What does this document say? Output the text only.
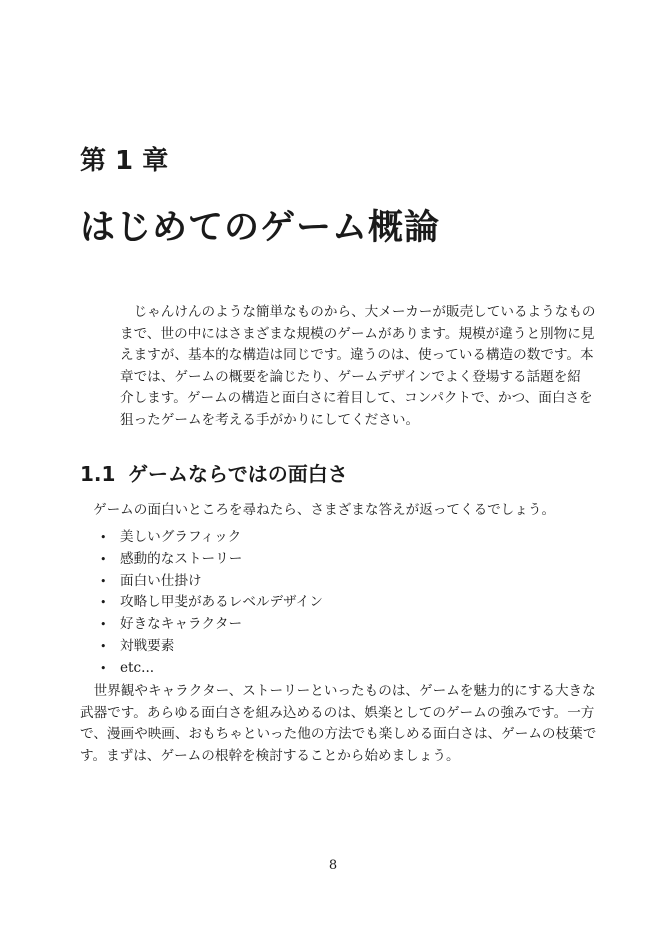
第 1 章
はじめてのゲーム概論
　じゃんけんのような簡単なものから、大メーカーが販売しているようなもの
まで、世の中にはさまざまな規模のゲームがあります。規模が違うと別物に見
えますが、基本的な構造は同じです。違うのは、使っている構造の数です。本
章では、ゲームの概要を論じたり、ゲームデザインでよく登場する話題を紹
介します。ゲームの構造と面白さに着目して、コンパクトで、かつ、面白さを
狙ったゲームを考える手がかりにしてください。
1.1 ゲームならではの面白さ
ゲームの面白いところを尋ねたら、さまざまな答えが返ってくるでしょう。
• 美しいグラフィック
• 感動的なストーリー
• 面白い仕掛け
• 攻略し甲斐があるレベルデザイン
• 好きなキャラクター
• 対戦要素
• etc...
　世界観やキャラクター、ストーリーといったものは、ゲームを魅力的にする大きな
武器です。あらゆる面白さを組み込めるのは、娯楽としてのゲームの強みです。一方
で、漫画や映画、おもちゃといった他の方法でも楽しめる面白さは、ゲームの枝葉で
す。まずは、ゲームの根幹を検討することから始めましょう。
8
